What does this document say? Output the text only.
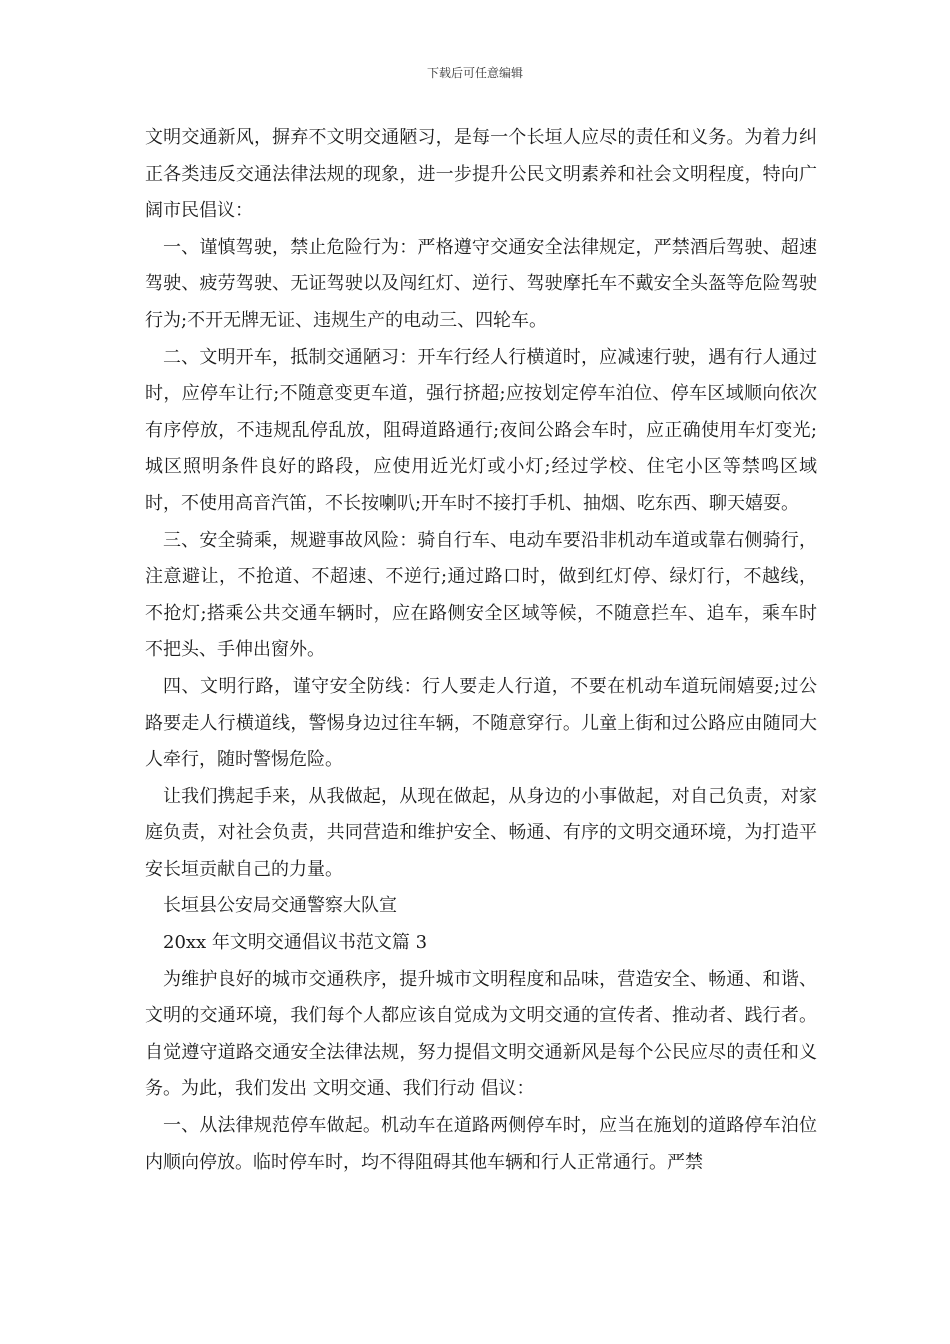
下载后可任意编辑

文明交通新风，摒弃不文明交通陋习，是每一个长垣人应尽的责任和义务。为着力纠正各类违反交通法律法规的现象，进一步提升公民文明素养和社会文明程度，特向广阔市民倡议：

一、谨慎驾驶，禁止危险行为：严格遵守交通安全法律规定，严禁酒后驾驶、超速驾驶、疲劳驾驶、无证驾驶以及闯红灯、逆行、驾驶摩托车不戴安全头盔等危险驾驶行为;不开无牌无证、违规生产的电动三、四轮车。

二、文明开车，抵制交通陋习：开车行经人行横道时，应减速行驶，遇有行人通过时，应停车让行;不随意变更车道，强行挤超;应按划定停车泊位、停车区域顺向依次有序停放，不违规乱停乱放，阻碍道路通行;夜间公路会车时，应正确使用车灯变光;城区照明条件良好的路段，应使用近光灯或小灯;经过学校、住宅小区等禁鸣区域时，不使用高音汽笛，不长按喇叭;开车时不接打手机、抽烟、吃东西、聊天嬉耍。

三、安全骑乘，规避事故风险：骑自行车、电动车要沿非机动车道或靠右侧骑行，注意避让，不抢道、不超速、不逆行;通过路口时，做到红灯停、绿灯行，不越线，不抢灯;搭乘公共交通车辆时，应在路侧安全区域等候，不随意拦车、追车，乘车时不把头、手伸出窗外。

四、文明行路，谨守安全防线：行人要走人行道，不要在机动车道玩闹嬉耍;过公路要走人行横道线，警惕身边过往车辆，不随意穿行。儿童上街和过公路应由随同大人牵行，随时警惕危险。

让我们携起手来，从我做起，从现在做起，从身边的小事做起，对自己负责，对家庭负责，对社会负责，共同营造和维护安全、畅通、有序的文明交通环境，为打造平安长垣贡献自己的力量。

长垣县公安局交通警察大队宣

20xx 年文明交通倡议书范文篇 3

为维护良好的城市交通秩序，提升城市文明程度和品味，营造安全、畅通、和谐、文明的交通环境，我们每个人都应该自觉成为文明交通的宣传者、推动者、践行者。自觉遵守道路交通安全法律法规，努力提倡文明交通新风是每个公民应尽的责任和义务。为此，我们发出 文明交通、我们行动 倡议：

一、从法律规范停车做起。机动车在道路两侧停车时，应当在施划的道路停车泊位内顺向停放。临时停车时，均不得阻碍其他车辆和行人正常通行。严禁
